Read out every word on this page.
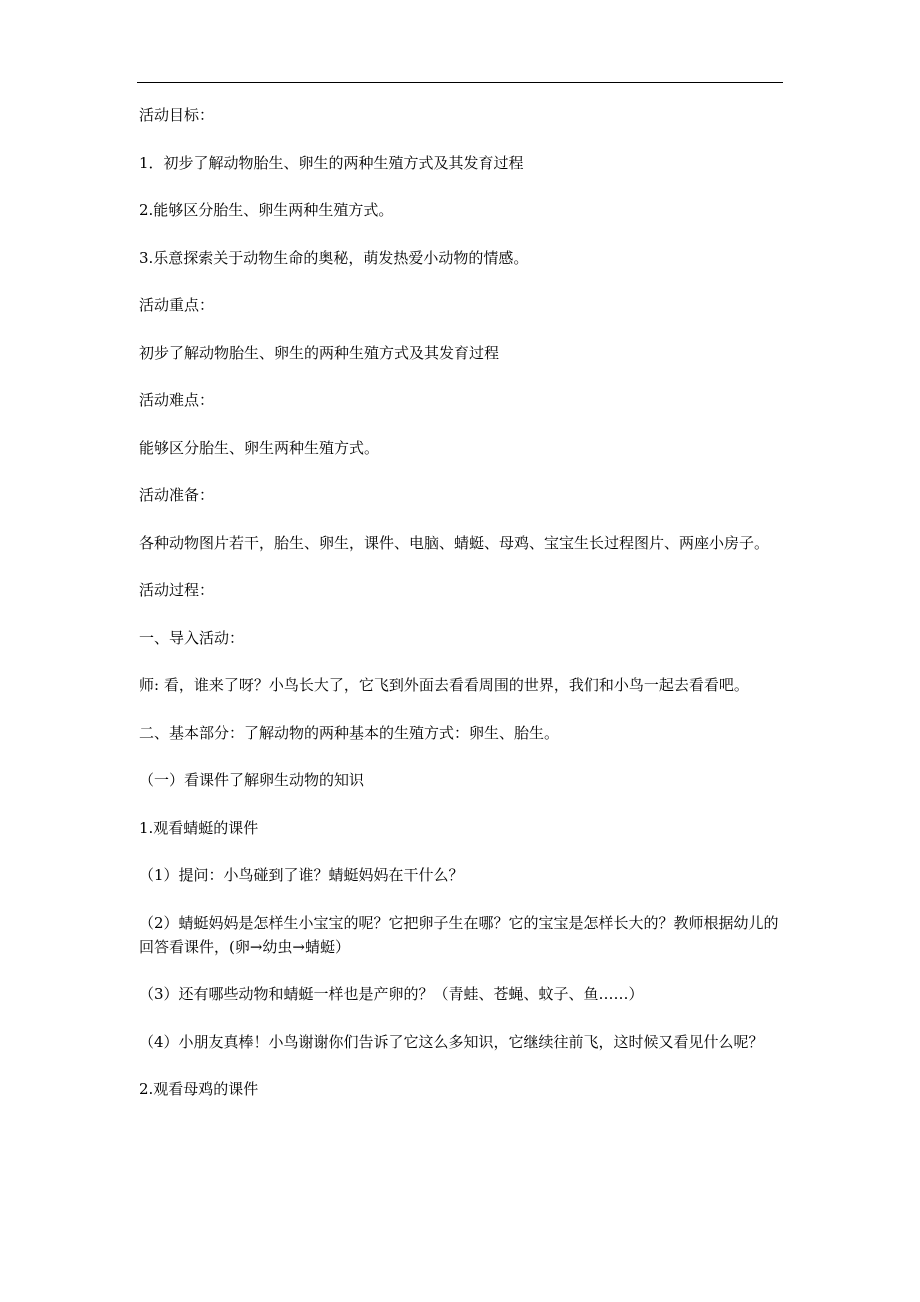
活动目标：

1．初步了解动物胎生、卵生的两种生殖方式及其发育过程

2.能够区分胎生、卵生两种生殖方式。

3.乐意探索关于动物生命的奥秘，萌发热爱小动物的情感。

活动重点：

初步了解动物胎生、卵生的两种生殖方式及其发育过程

活动难点：

能够区分胎生、卵生两种生殖方式。

活动准备：

各种动物图片若干，胎生、卵生，课件、电脑、蜻蜓、母鸡、宝宝生长过程图片、两座小房子。

活动过程：

一、导入活动：

师: 看，谁来了呀？小鸟长大了，它飞到外面去看看周围的世界，我们和小鸟一起去看看吧。

二、基本部分：了解动物的两种基本的生殖方式：卵生、胎生。

（一）看课件了解卵生动物的知识

1.观看蜻蜓的课件

（1）提问：小鸟碰到了谁？蜻蜓妈妈在干什么？

（2）蜻蜓妈妈是怎样生小宝宝的呢？它把卵子生在哪？它的宝宝是怎样长大的？教师根据幼儿的回答看课件，(卵→幼虫→蜻蜓）

（3）还有哪些动物和蜻蜓一样也是产卵的？（青蛙、苍蝇、蚊子、鱼……）

（4）小朋友真棒！小鸟谢谢你们告诉了它这么多知识，它继续往前飞，这时候又看见什么呢？

2.观看母鸡的课件
